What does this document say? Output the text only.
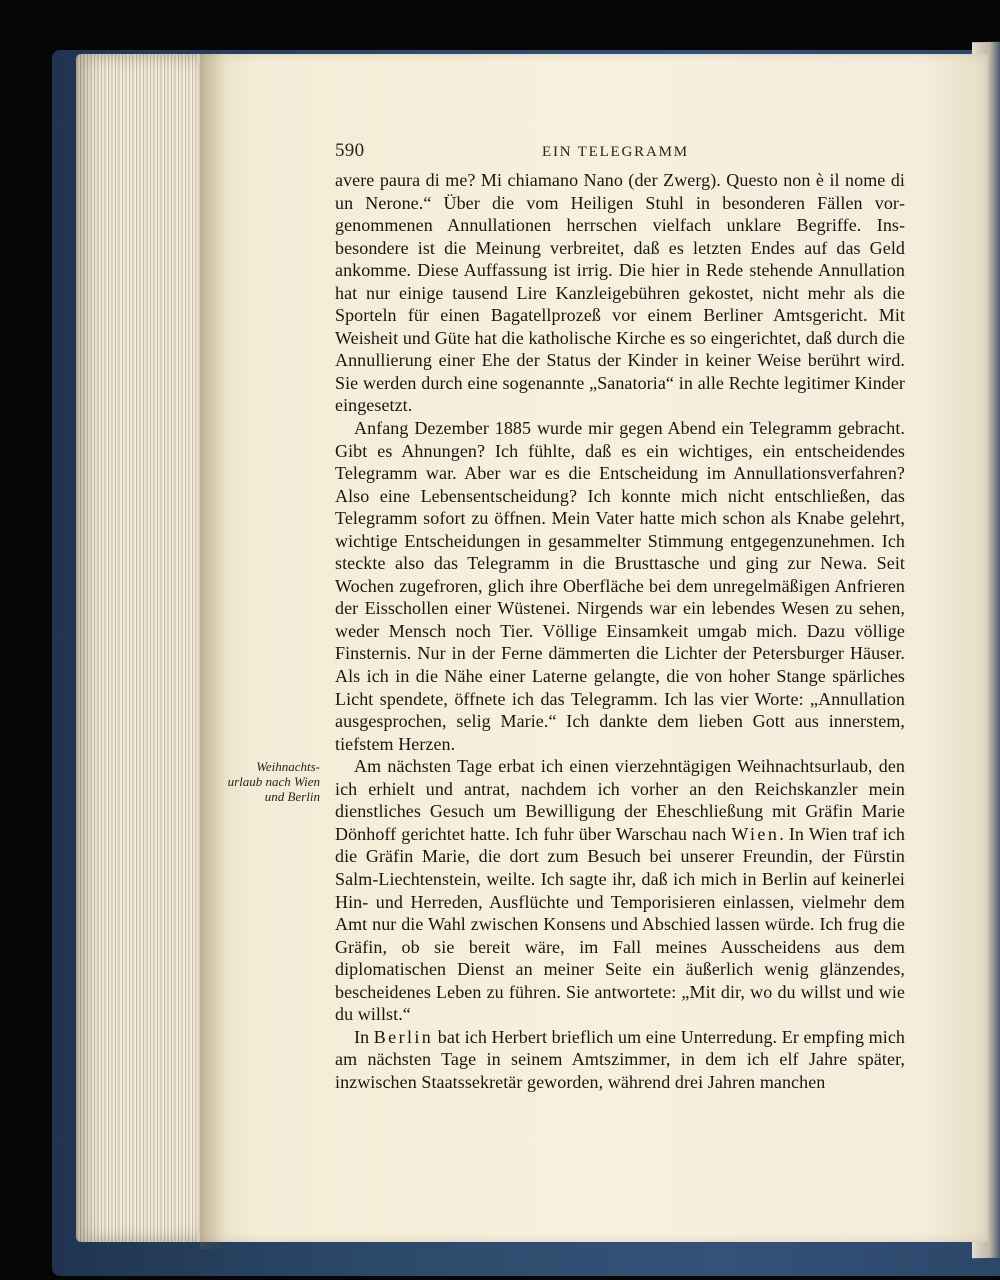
590	EIN TELEGRAMM

Weihnachts- urlaub nach Wien und Berlin

avere paura di me? Mi chiamano Nano (der Zwerg). Questo non è il nome di un Nerone.“ Über die vom Heiligen Stuhl in besonderen Fällen vorgenommenen Annullationen herrschen vielfach unklare Begriffe. Insbesondere ist die Meinung verbreitet, daß es letzten Endes auf das Geld ankomme. Diese Auffassung ist irrig. Die hier in Rede stehende Annullation hat nur einige tausend Lire Kanzleigebühren gekostet, nicht mehr als die Sporteln für einen Bagatellprozeß vor einem Berliner Amtsgericht. Mit Weisheit und Güte hat die katholische Kirche es so eingerichtet, daß durch die Annullierung einer Ehe der Status der Kinder in keiner Weise berührt wird. Sie werden durch eine sogenannte „Sanatoria“ in alle Rechte legitimer Kinder eingesetzt.

Anfang Dezember 1885 wurde mir gegen Abend ein Telegramm gebracht. Gibt es Ahnungen? Ich fühlte, daß es ein wichtiges, ein entscheidendes Telegramm war. Aber war es die Entscheidung im Annullationsverfahren? Also eine Lebensentscheidung? Ich konnte mich nicht entschließen, das Telegramm sofort zu öffnen. Mein Vater hatte mich schon als Knabe gelehrt, wichtige Entscheidungen in gesammelter Stimmung entgegenzunehmen. Ich steckte also das Telegramm in die Brusttasche und ging zur Newa. Seit Wochen zugefroren, glich ihre Oberfläche bei dem unregelmäßigen Anfrieren der Eisschollen einer Wüstenei. Nirgends war ein lebendes Wesen zu sehen, weder Mensch noch Tier. Völlige Einsamkeit umgab mich. Dazu völlige Finsternis. Nur in der Ferne dämmerten die Lichter der Petersburger Häuser. Als ich in die Nähe einer Laterne gelangte, die von hoher Stange spärliches Licht spendete, öffnete ich das Telegramm. Ich las vier Worte: „Annullation ausgesprochen, selig Marie.“ Ich dankte dem lieben Gott aus innerstem, tiefstem Herzen.

Am nächsten Tage erbat ich einen vierzehntägigen Weihnachtsurlaub, den ich erhielt und antrat, nachdem ich vorher an den Reichskanzler mein dienstliches Gesuch um Bewilligung der Eheschließung mit Gräfin Marie Dönhoff gerichtet hatte. Ich fuhr über Warschau nach Wien. In Wien traf ich die Gräfin Marie, die dort zum Besuch bei unserer Freundin, der Fürstin Salm-Liechtenstein, weilte. Ich sagte ihr, daß ich mich in Berlin auf keinerlei Hin- und Herreden, Ausflüchte und Temporisieren einlassen, vielmehr dem Amt nur die Wahl zwischen Konsens und Abschied lassen würde. Ich frug die Gräfin, ob sie bereit wäre, im Fall meines Ausscheidens aus dem diplomatischen Dienst an meiner Seite ein äußerlich wenig glänzendes, bescheidenes Leben zu führen. Sie antwortete: „Mit dir, wo du willst und wie du willst.“

In Berlin bat ich Herbert brieflich um eine Unterredung. Er empfing mich am nächsten Tage in seinem Amtszimmer, in dem ich elf Jahre später, inzwischen Staatssekretär geworden, während drei Jahren manchen
